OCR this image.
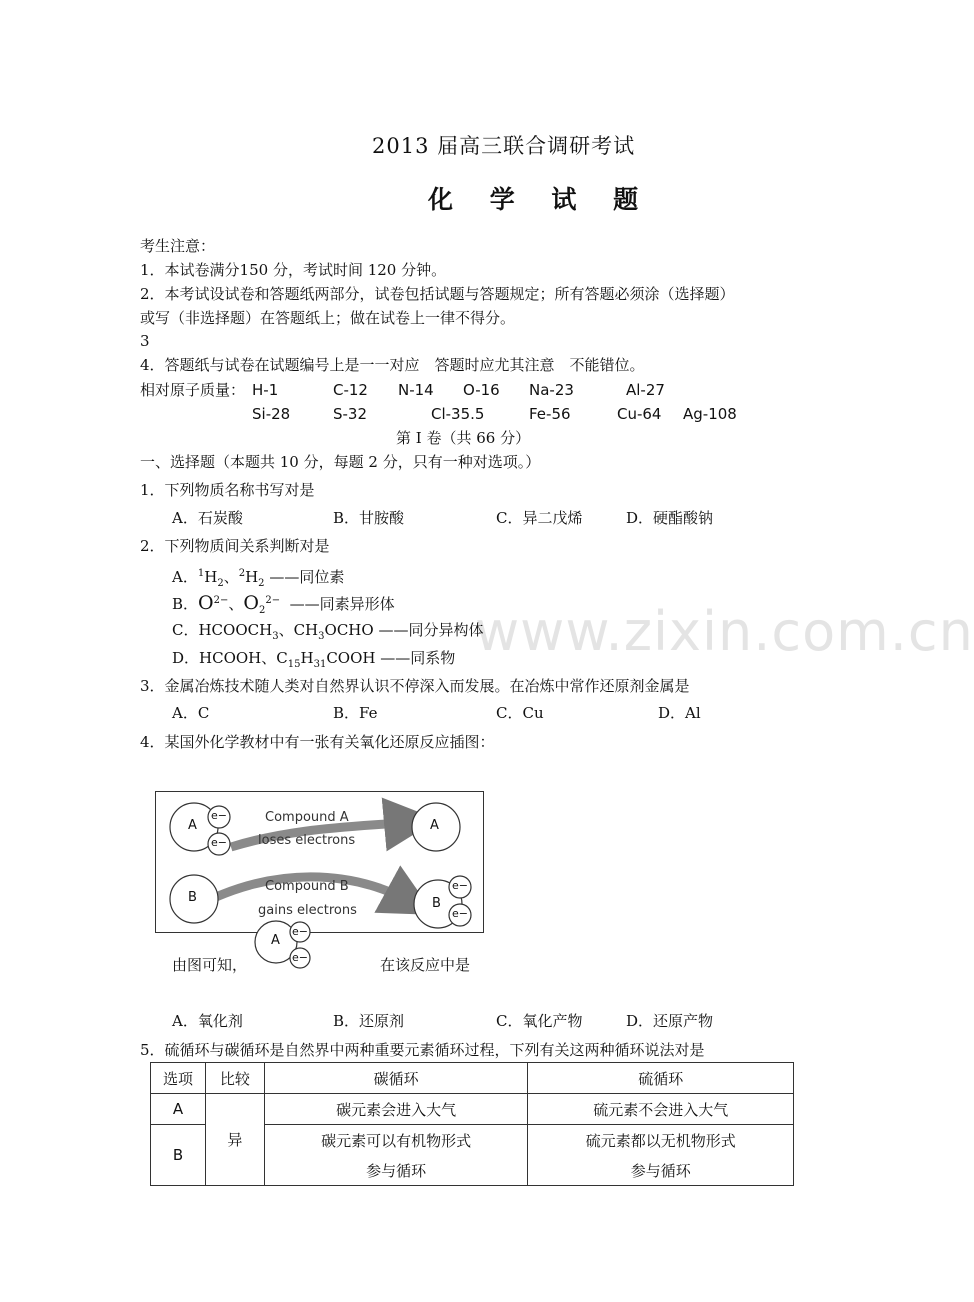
www.zixin.com.cn
2013 届高三联合调研考试
化 学 试 题
考生注意：
1．本试卷满分150 分，考试时间 120 分钟。
2．本考试设试卷和答题纸两部分，试卷包括试题与答题规定；所有答题必须涂（选择题）
或写（非选择题）在答题纸上；做在试卷上一律不得分。
3
4．答题纸与试卷在试题编号上是一一对应　答题时应尤其注意　不能错位。
相对原子质量： H-1	C-12 N-14 O-16 Na-23	Al-27
Si-28	S-32	Cl-35.5	Fe-56	Cu-64 Ag-108
第 I 卷（共 66 分）
一、选择题（本题共 10 分，每题 2 分，只有一种对选项。）
1．下列物质名称书写对是
A．石炭酸	B．甘胺酸	C．异二戊烯	D．硬酯酸钠
2．下列物质间关系判断对是
A．$^1H_2$、$^2H_2$ ——同位素
B．$O^{2-}$、$O_2^{2-}$ ——同素异形体
C．$HCOOCH_3$、$CH_3OCHO$ ——同分异构体
D．HCOOH、$C_{15}H_{31}COOH$ ——同系物
3．金属冶炼技术随人类对自然界认识不停深入而发展。在冶炼中常作还原剂金属是
A．C	B．Fe	C．Cu	D．Al
4．某国外化学教材中有一张有关氧化还原反应插图：
A
e−
e−
A
B	B
e−
e−
Compound A
loses electrons
Compound B
gains electrons
A
e−
e−
由图可知，	在该反应中是
A．氧化剂	B．还原剂	C．氧化产物	D．还原产物
5．硫循环与碳循环是自然界中两种重要元素循环过程，下列有关这两种循环说法对是
选项	比较	碳循环	硫循环
A	异	碳元素会进入大气	硫元素不会进入大气
B		碳元素可以有机物形式	硫元素都以无机物形式
		参与循环	参与循环
